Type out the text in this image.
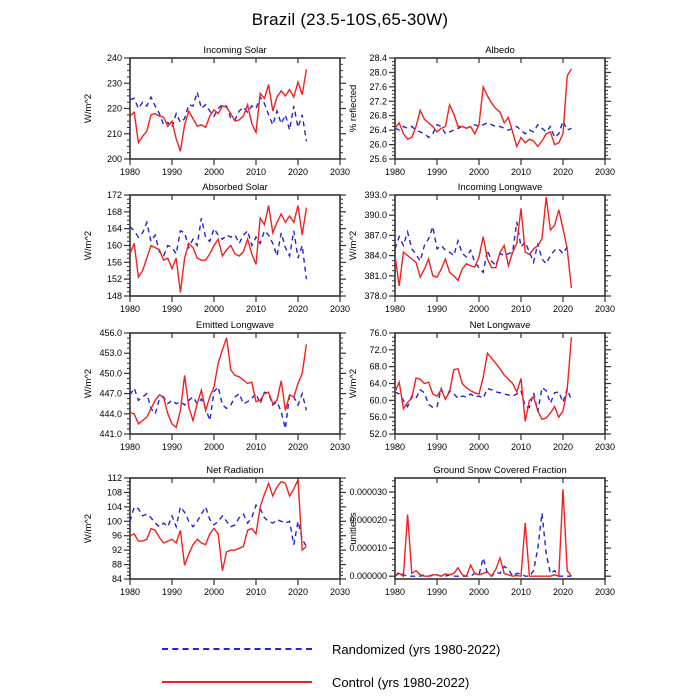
Brazil (23.5-10S,65-30W)
Incoming Solar
W/m^2
200
210
220
230
240
1980 1990 2000 2010 2020 2030
Albedo
% reflected
25.6
26.0
26.4
26.8
27.2
27.6
28.0
28.4
1980 1990 2000 2010 2020 2030
Absorbed Solar
W/m^2
148
152
156
160
164
168
172
1980 1990 2000 2010 2020 2030
Incoming Longwave
W/m^2
378.0
381.0
384.0
387.0
390.0
393.0
1980 1990 2000 2010 2020 2030
Emitted Longwave
W/m^2
441.0
444.0
447.0
450.0
453.0
456.0
1980 1990 2000 2010 2020 2030
Net Longwave
W/m^2
52.0
56.0
60.0
64.0
68.0
72.0
76.0
1980 1990 2000 2010 2020 2030
Net Radiation
W/m^2
84
88
92
96
100
104
108
112
1980 1990 2000 2010 2020 2030
Ground Snow Covered Fraction
unitless
0.000000
0.000010
0.000020
0.000030
1980 1990 2000 2010 2020 2030
Randomized (yrs 1980-2022)
Control (yrs 1980-2022)
